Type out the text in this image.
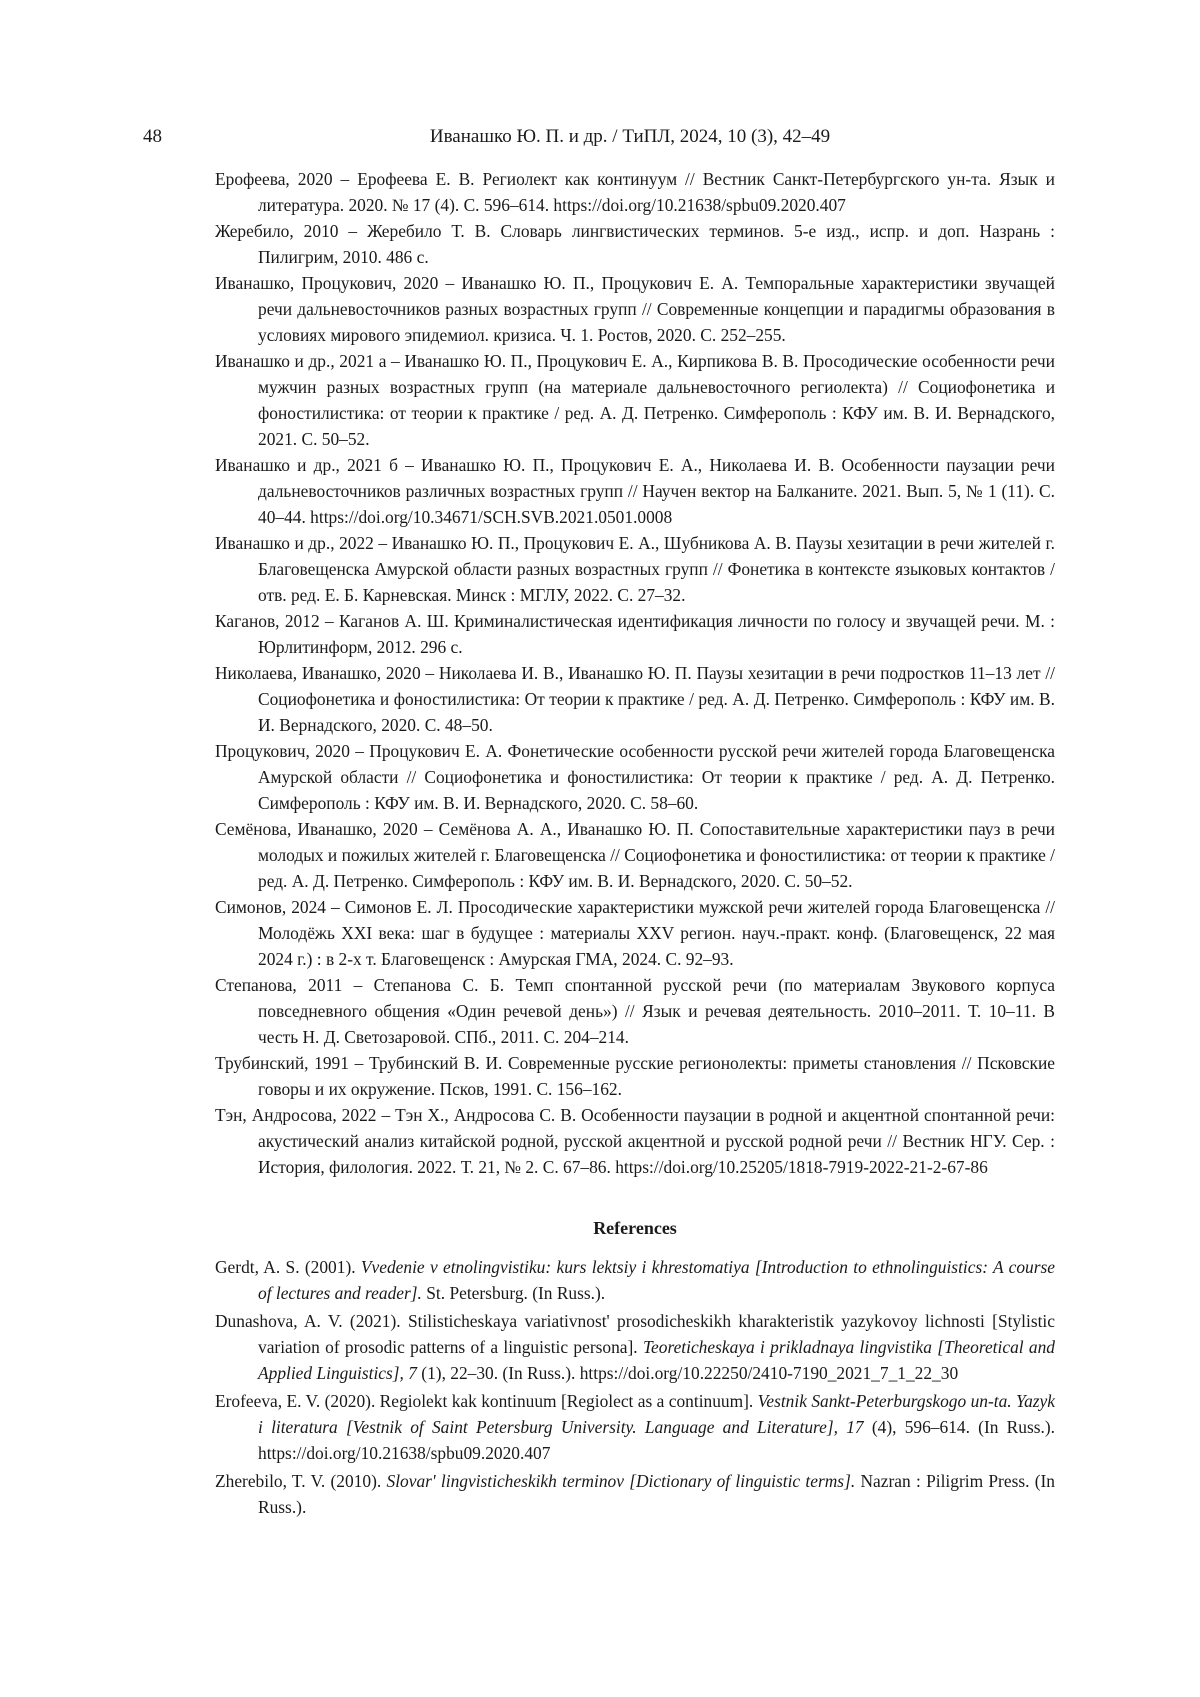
48	Иванашко Ю. П. и др. / ТиПЛ, 2024, 10 (3), 42–49

Ерофеева, 2020 – Ерофеева Е. В. Региолект как континуум // Вестник Санкт-Петербургского ун-та. Язык и литература. 2020. № 17 (4). С. 596–614. https://doi.org/10.21638/spbu09.2020.407

Жеребило, 2010 – Жеребило Т. В. Словарь лингвистических терминов. 5-е изд., испр. и доп. Назрань : Пилигрим, 2010. 486 с.

Иванашко, Процукович, 2020 – Иванашко Ю. П., Процукович Е. А. Темпоральные характеристики звучащей речи дальневосточников разных возрастных групп // Современные концепции и парадигмы образования в условиях мирового эпидемиол. кризиса. Ч. 1. Ростов, 2020. С. 252–255.

Иванашко и др., 2021 а – Иванашко Ю. П., Процукович Е. А., Кирпикова В. В. Просодические особенности речи мужчин разных возрастных групп (на материале дальневосточного региолекта) // Социофонетика и фоностилистика: от теории к практике / ред. А. Д. Петренко. Симферополь : КФУ им. В. И. Вернадского, 2021. С. 50–52.

Иванашко и др., 2021 б – Иванашко Ю. П., Процукович Е. А., Николаева И. В. Особенности паузации речи дальневосточников различных возрастных групп // Научен вектор на Балканите. 2021. Вып. 5, № 1 (11). С. 40–44. https://doi.org/10.34671/SCH.SVB.2021.0501.0008

Иванашко и др., 2022 – Иванашко Ю. П., Процукович Е. А., Шубникова А. В. Паузы хезитации в речи жителей г. Благовещенска Амурской области разных возрастных групп // Фонетика в контексте языковых контактов / отв. ред. Е. Б. Карневская. Минск : МГЛУ, 2022. С. 27–32.

Каганов, 2012 – Каганов А. Ш. Криминалистическая идентификация личности по голосу и звучащей речи. М. : Юрлитинформ, 2012. 296 с.

Николаева, Иванашко, 2020 – Николаева И. В., Иванашко Ю. П. Паузы хезитации в речи подростков 11–13 лет // Социофонетика и фоностилистика: От теории к практике / ред. А. Д. Петренко. Симферополь : КФУ им. В. И. Вернадского, 2020. С. 48–50.

Процукович, 2020 – Процукович Е. А. Фонетические особенности русской речи жителей города Благовещенска Амурской области // Социофонетика и фоностилистика: От теории к практике / ред. А. Д. Петренко. Симферополь : КФУ им. В. И. Вернадского, 2020. С. 58–60.

Семёнова, Иванашко, 2020 – Семёнова А. А., Иванашко Ю. П. Сопоставительные характеристики пауз в речи молодых и пожилых жителей г. Благовещенска // Социофонетика и фоностилистика: от теории к практике / ред. А. Д. Петренко. Симферополь : КФУ им. В. И. Вернадского, 2020. С. 50–52.

Симонов, 2024 – Симонов Е. Л. Просодические характеристики мужской речи жителей города Благовещенска // Молодёжь XXI века: шаг в будущее : материалы XXV регион. науч.-практ. конф. (Благовещенск, 22 мая 2024 г.) : в 2-х т. Благовещенск : Амурская ГМА, 2024. С. 92–93.

Степанова, 2011 – Степанова С. Б. Темп спонтанной русской речи (по материалам Звукового корпуса повседневного общения «Один речевой день») // Язык и речевая деятельность. 2010–2011. Т. 10–11. В честь Н. Д. Светозаровой. СПб., 2011. С. 204–214.

Трубинский, 1991 – Трубинский В. И. Современные русские регионолекты: приметы становления // Псковские говоры и их окружение. Псков, 1991. С. 156–162.

Тэн, Андросова, 2022 – Тэн Х., Андросова С. В. Особенности паузации в родной и акцентной спонтанной речи: акустический анализ китайской родной, русской акцентной и русской родной речи // Вестник НГУ. Сер. : История, филология. 2022. Т. 21, № 2. С. 67–86. https://doi.org/10.25205/1818-7919-2022-21-2-67-86

References

Gerdt, A. S. (2001). Vvedenie v etnolingvistiku: kurs lektsiy i khrestomatiya [Introduction to ethnolinguistics: A course of lectures and reader]. St. Petersburg. (In Russ.).

Dunashova, A. V. (2021). Stilisticheskaya variativnost' prosodicheskikh kharakteristik yazykovoy lichnosti [Stylistic variation of prosodic patterns of a linguistic persona]. Teoreticheskaya i prikladnaya lingvistika [Theoretical and Applied Linguistics], 7 (1), 22–30. (In Russ.). https://doi.org/10.22250/2410-7190_2021_7_1_22_30

Erofeeva, E. V. (2020). Regiolekt kak kontinuum [Regiolect as a continuum]. Vestnik Sankt-Peterburgskogo un-ta. Yazyk i literatura [Vestnik of Saint Petersburg University. Language and Literature], 17 (4), 596–614. (In Russ.). https://doi.org/10.21638/spbu09.2020.407

Zherebilo, T. V. (2010). Slovar' lingvisticheskikh terminov [Dictionary of linguistic terms]. Nazran : Piligrim Press. (In Russ.).
